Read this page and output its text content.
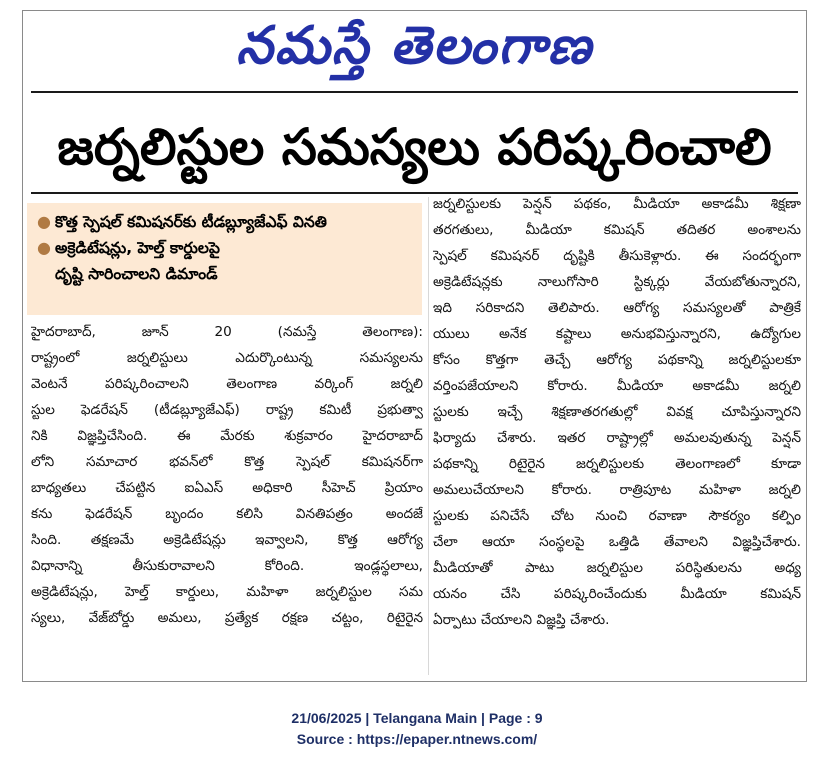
నమస్తే తెలంగాణ
జర్నలిస్టుల సమస్యలు పరిష్కరించాలి
● కొత్త స్పెషల్ కమిషనర్‌కు టీడబ్ల్యూజేఎఫ్ వినతి
● అక్రెడిటేషన్లు, హెల్త్ కార్డులపై
దృష్టి సారించాలని డిమాండ్
హైదరాబాద్, జూన్ 20 (నమస్తే తెలంగాణ):
రాష్ట్రంలో జర్నలిస్టులు ఎదుర్కొంటున్న సమస్యలను
వెంటనే పరిష్కరించాలని తెలంగాణ వర్కింగ్ జర్నలి
స్టుల ఫెడరేషన్ (టీడబ్ల్యూజేఎఫ్) రాష్ట్ర కమిటీ ప్రభుత్వా
నికి విజ్ఞప్తిచేసింది. ఈ మేరకు శుక్రవారం హైదరాబాద్
లోని సమాచార భవన్‌లో కొత్త స్పెషల్ కమిషనర్‌గా
బాధ్యతలు చేపట్టిన ఐఏఎస్ అధికారి సీహెచ్ ప్రియాం
కను ఫెడరేషన్ బృందం కలిసి వినతిపత్రం అందజే
సింది. తక్షణమే అక్రెడిటేషన్లు ఇవ్వాలని, కొత్త ఆరోగ్య
విధానాన్ని తీసుకురావాలని కోరింది. ఇండ్లస్థలాలు,
అక్రెడిటేషన్లు, హెల్త్ కార్డులు, మహిళా జర్నలిస్టుల సమ
స్యలు, వేజ్‌బోర్డు అమలు, ప్రత్యేక రక్షణ చట్టం, రిటైరైన
జర్నలిస్టులకు పెన్షన్ పథకం, మీడియా అకాడమీ శిక్షణా
తరగతులు, మీడియా కమిషన్ తదితర అంశాలను
స్పెషల్ కమిషనర్ దృష్టికి తీసుకెళ్లారు. ఈ సందర్భంగా
అక్రెడిటేషన్లకు నాలుగోసారి స్టిక్కర్లు వేయబోతున్నారని,
ఇది సరికాదని తెలిపారు. ఆరోగ్య సమస్యలతో పాత్రికే
యులు అనేక కష్టాలు అనుభవిస్తున్నారని, ఉద్యోగుల
కోసం కొత్తగా తెచ్చే ఆరోగ్య పథకాన్ని జర్నలిస్టులకూ
వర్తింపజేయాలని కోరారు. మీడియా అకాడమీ జర్నలి
స్టులకు ఇచ్చే శిక్షణాతరగతుల్లో వివక్ష చూపిస్తున్నారని
ఫిర్యాదు చేశారు. ఇతర రాష్ట్రాల్లో అమలవుతున్న పెన్షన్
పథకాన్ని రిటైరైన జర్నలిస్టులకు తెలంగాణలో కూడా
అమలుచేయాలని కోరారు. రాత్రిపూట మహిళా జర్నలి
స్టులకు పనిచేసే చోట నుంచి రవాణా సౌకర్యం కల్పిం
చేలా ఆయా సంస్థలపై ఒత్తిడి తేవాలని విజ్ఞప్తిచేశారు.
మీడియాతో పాటు జర్నలిస్టుల పరిస్థితులను అధ్య
యనం చేసి పరిష్కరించేందుకు మీడియా కమిషన్
ఏర్పాటు చేయాలని విజ్ఞప్తి చేశారు.
21/06/2025 | Telangana Main | Page : 9
Source : https://epaper.ntnews.com/
